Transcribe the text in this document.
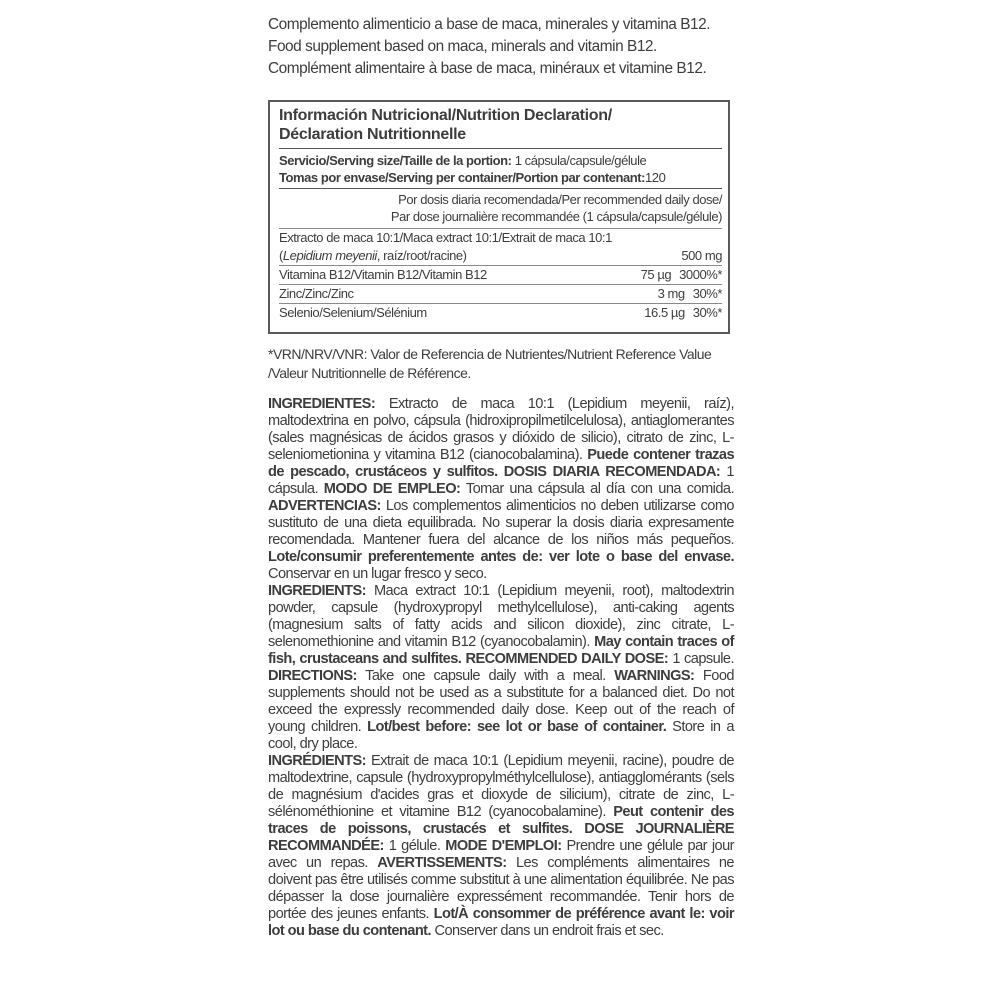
Complemento alimenticio a base de maca, minerales y vitamina B12.
Food supplement based on maca, minerals and vitamin B12.
Complément alimentaire à base de maca, minéraux et vitamine B12.
Información Nutricional/Nutrition Declaration/
Déclaration Nutritionnelle
Servicio/Serving size/Taille de la portion: 1 cápsula/capsule/gélule
Tomas por envase/Serving per container/Portion par contenant:120
Por dosis diaria recomendada/Per recommended daily dose/
Par dose journalière recommandée (1 cápsula/capsule/gélule)
Extracto de maca 10:1/Maca extract 10:1/Extrait de maca 10:1
(Lepidium meyenii, raíz/root/racine)	500 mg
Vitamina B12/Vitamin B12/Vitamin B12	75 µg 3000%*
Zinc/Zinc/Zinc	3 mg 30%*
Selenio/Selenium/Sélénium	16.5 µg 30%*
*VRN/NRV/VNR: Valor de Referencia de Nutrientes/Nutrient Reference Value
/Valeur Nutritionnelle de Référence.

INGREDIENTES: Extracto de maca 10:1 (Lepidium meyenii, raíz), maltodextrina en polvo, cápsula (hidroxipropilmetilcelulosa), antiaglomerantes (sales magnésicas de ácidos grasos y dióxido de silicio), citrato de zinc, L-seleniometionina y vitamina B12 (cianocobalamina). Puede contener trazas de pescado, crustáceos y sulfitos. DOSIS DIARIA RECOMENDADA: 1 cápsula. MODO DE EMPLEO: Tomar una cápsula al día con una comida. ADVERTENCIAS: Los complementos alimenticios no deben utilizarse como sustituto de una dieta equilibrada. No superar la dosis diaria expresamente recomendada. Mantener fuera del alcance de los niños más pequeños. Lote/consumir preferentemente antes de: ver lote o base del envase. Conservar en un lugar fresco y seco.

INGREDIENTS: Maca extract 10:1 (Lepidium meyenii, root), maltodextrin powder, capsule (hydroxypropyl methylcellulose), anti-caking agents (magnesium salts of fatty acids and silicon dioxide), zinc citrate, L-selenomethionine and vitamin B12 (cyanocobalamin). May contain traces of fish, crustaceans and sulfites. RECOMMENDED DAILY DOSE: 1 capsule. DIRECTIONS: Take one capsule daily with a meal. WARNINGS: Food supplements should not be used as a substitute for a balanced diet. Do not exceed the expressly recommended daily dose. Keep out of the reach of young children. Lot/best before: see lot or base of container. Store in a cool, dry place.

INGRÉDIENTS: Extrait de maca 10:1 (Lepidium meyenii, racine), poudre de maltodextrine, capsule (hydroxypropylméthylcellulose), antiagglomérants (sels de magnésium d'acides gras et dioxyde de silicium), citrate de zinc, L-sélénométhionine et vitamine B12 (cyanocobalamine). Peut contenir des traces de poissons, crustacés et sulfites. DOSE JOURNALIÈRE RECOMMANDÉE: 1 gélule. MODE D'EMPLOI: Prendre une gélule par jour avec un repas. AVERTISSEMENTS: Les compléments alimentaires ne doivent pas être utilisés comme substitut à une alimentation équilibrée. Ne pas dépasser la dose journalière expressément recommandée. Tenir hors de portée des jeunes enfants. Lot/À consommer de préférence avant le: voir lot ou base du contenant. Conserver dans un endroit frais et sec.
